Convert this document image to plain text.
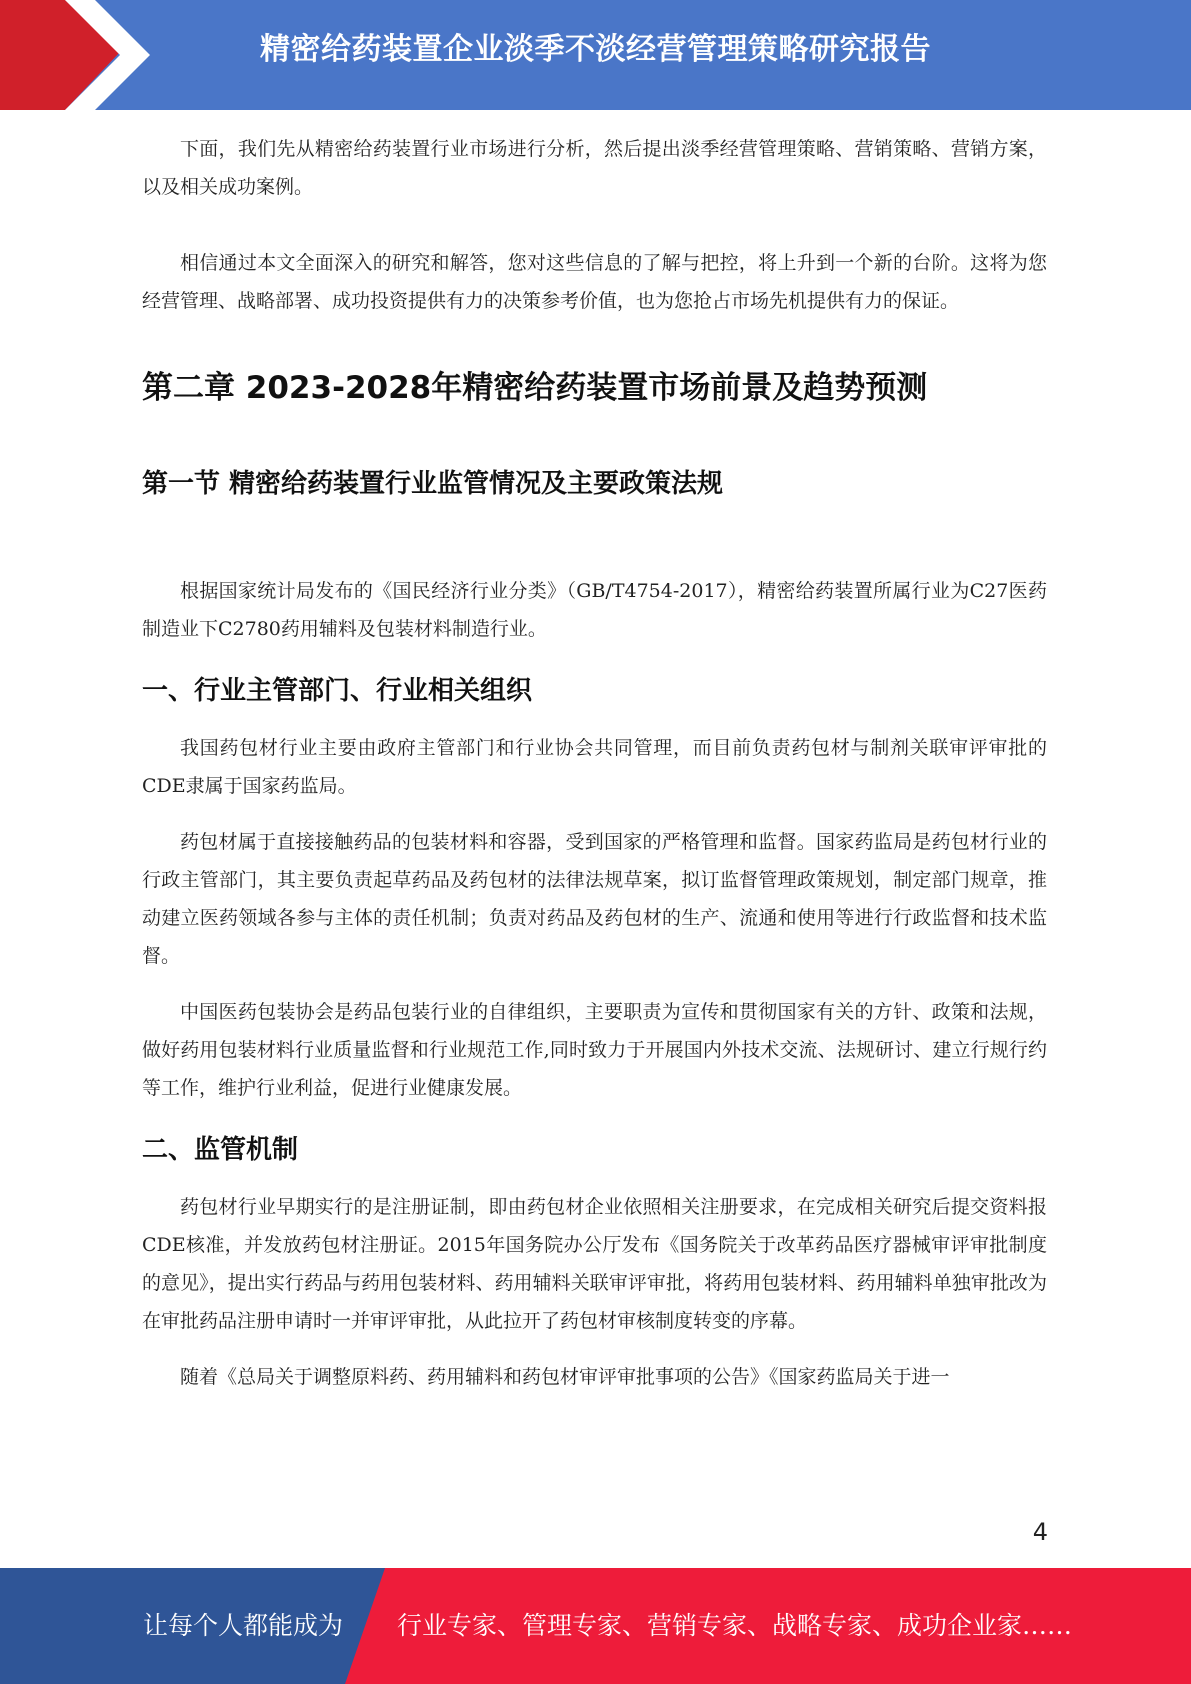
精密给药装置企业淡季不淡经营管理策略研究报告

下面，我们先从精密给药装置行业市场进行分析，然后提出淡季经营管理策略、营销策略、营销方案，以及相关成功案例。

相信通过本文全面深入的研究和解答，您对这些信息的了解与把控，将上升到一个新的台阶。这将为您经营管理、战略部署、成功投资提供有力的决策参考价值，也为您抢占市场先机提供有力的保证。

第二章 2023-2028年精密给药装置市场前景及趋势预测
第一节 精密给药装置行业监管情况及主要政策法规

根据国家统计局发布的《国民经济行业分类》（GB/T4754-2017），精密给药装置所属行业为C27医药制造业下C2780药用辅料及包装材料制造行业。

一、行业主管部门、行业相关组织

我国药包材行业主要由政府主管部门和行业协会共同管理，而目前负责药包材与制剂关联审评审批的CDE隶属于国家药监局。

药包材属于直接接触药品的包装材料和容器，受到国家的严格管理和监督。国家药监局是药包材行业的行政主管部门，其主要负责起草药品及药包材的法律法规草案，拟订监督管理政策规划，制定部门规章，推动建立医药领域各参与主体的责任机制；负责对药品及药包材的生产、流通和使用等进行行政监督和技术监督。

中国医药包装协会是药品包装行业的自律组织，主要职责为宣传和贯彻国家有关的方针、政策和法规，做好药用包装材料行业质量监督和行业规范工作,同时致力于开展国内外技术交流、法规研讨、建立行规行约等工作，维护行业利益，促进行业健康发展。

二、监管机制

药包材行业早期实行的是注册证制，即由药包材企业依照相关注册要求，在完成相关研究后提交资料报CDE核准，并发放药包材注册证。2015年国务院办公厅发布《国务院关于改革药品医疗器械审评审批制度的意见》，提出实行药品与药用包装材料、药用辅料关联审评审批，将药用包装材料、药用辅料单独审批改为在审批药品注册申请时一并审评审批，从此拉开了药包材审核制度转变的序幕。

随着《总局关于调整原料药、药用辅料和药包材审评审批事项的公告》《国家药监局关于进一

4
让每个人都能成为 行业专家、管理专家、营销专家、战略专家、成功企业家……
